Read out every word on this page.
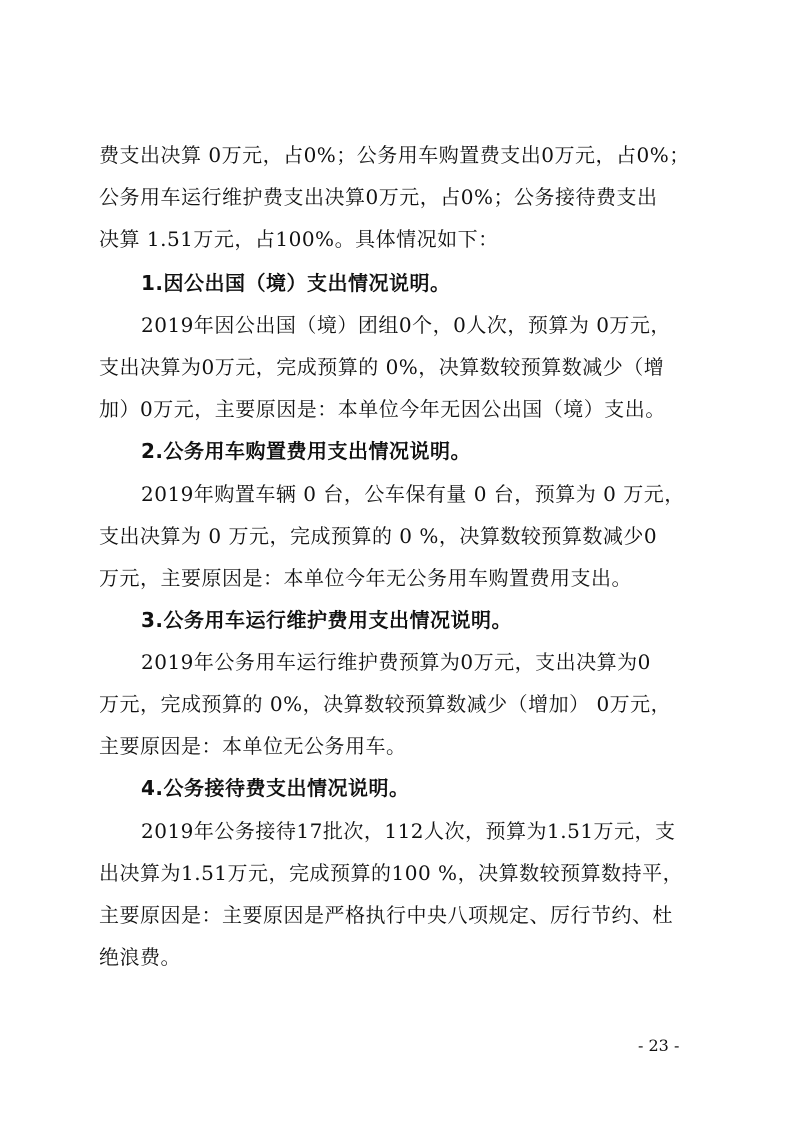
费支出决算 0万元，占0%；公务用车购置费支出0万元，占0%；
公务用车运行维护费支出决算0万元，占0%；公务接待费支出
决算 1.51万元，占100%。具体情况如下：
1.因公出国（境）支出情况说明。
2019年因公出国（境）团组0个，0人次，预算为 0万元，
支出决算为0万元，完成预算的 0%，决算数较预算数减少（增
加）0万元，主要原因是：本单位今年无因公出国（境）支出。
2.公务用车购置费用支出情况说明。
2019年购置车辆 0 台，公车保有量 0 台，预算为 0 万元，
支出决算为 0 万元，完成预算的 0 %，决算数较预算数减少0
万元，主要原因是：本单位今年无公务用车购置费用支出。
3.公务用车运行维护费用支出情况说明。
2019年公务用车运行维护费预算为0万元，支出决算为0
万元，完成预算的 0%，决算数较预算数减少（增加） 0万元，
主要原因是：本单位无公务用车。
4.公务接待费支出情况说明。
2019年公务接待17批次，112人次，预算为1.51万元，支
出决算为1.51万元，完成预算的100 %，决算数较预算数持平，
主要原因是：主要原因是严格执行中央八项规定、厉行节约、杜
绝浪费。
- 23 -
